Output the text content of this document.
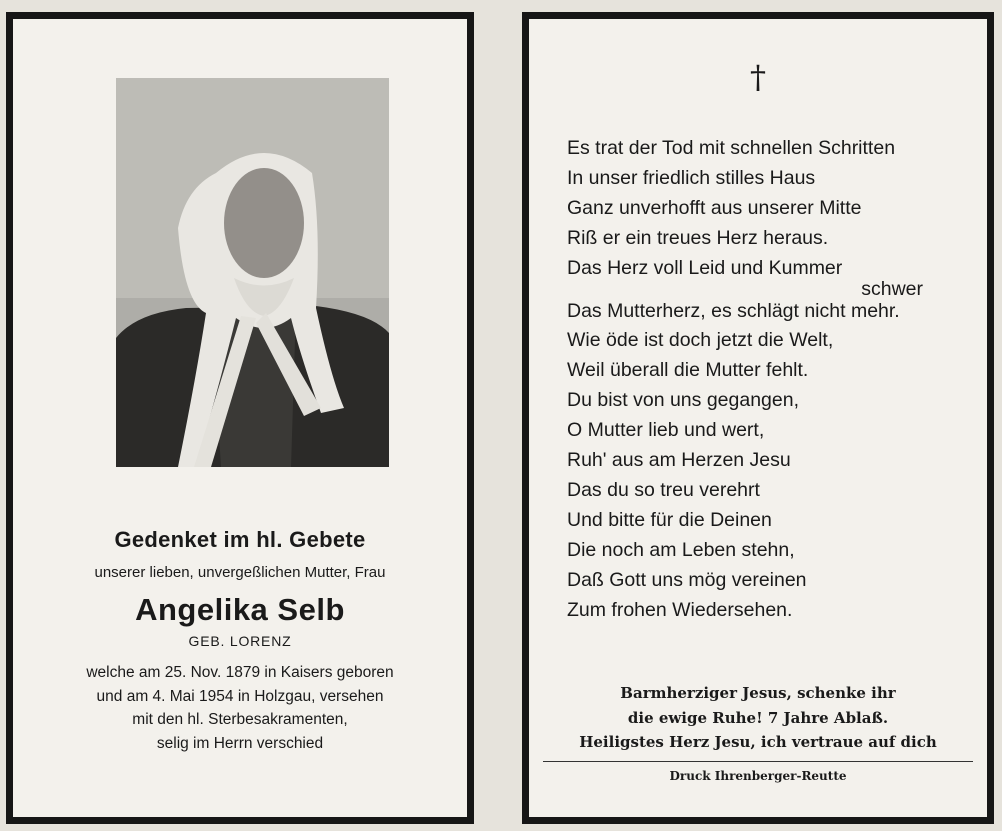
Gedenket im hl. Gebete
unserer lieben, unvergeßlichen Mutter, Frau
Angelika Selb
GEB. LORENZ
welche am 25. Nov. 1879 in Kaisers geboren
und am 4. Mai 1954 in Holzgau, versehen
mit den hl. Sterbesakramenten,
selig im Herrn verschied
†
Es trat der Tod mit schnellen Schritten
In unser friedlich stilles Haus
Ganz unverhofft aus unserer Mitte
Riß er ein treues Herz heraus.
Das Herz voll Leid und Kummer
schwer
Das Mutterherz, es schlägt nicht mehr.
Wie öde ist doch jetzt die Welt,
Weil überall die Mutter fehlt.
Du bist von uns gegangen,
O Mutter lieb und wert,
Ruh' aus am Herzen Jesu
Das du so treu verehrt
Und bitte für die Deinen
Die noch am Leben stehn,
Daß Gott uns mög vereinen
Zum frohen Wiedersehen.
Barmherziger Jesus, schenke ihr
die ewige Ruhe! 7 Jahre Ablaß.
Heiligstes Herz Jesu, ich vertraue auf dich
Druck Ihrenberger-Reutte
